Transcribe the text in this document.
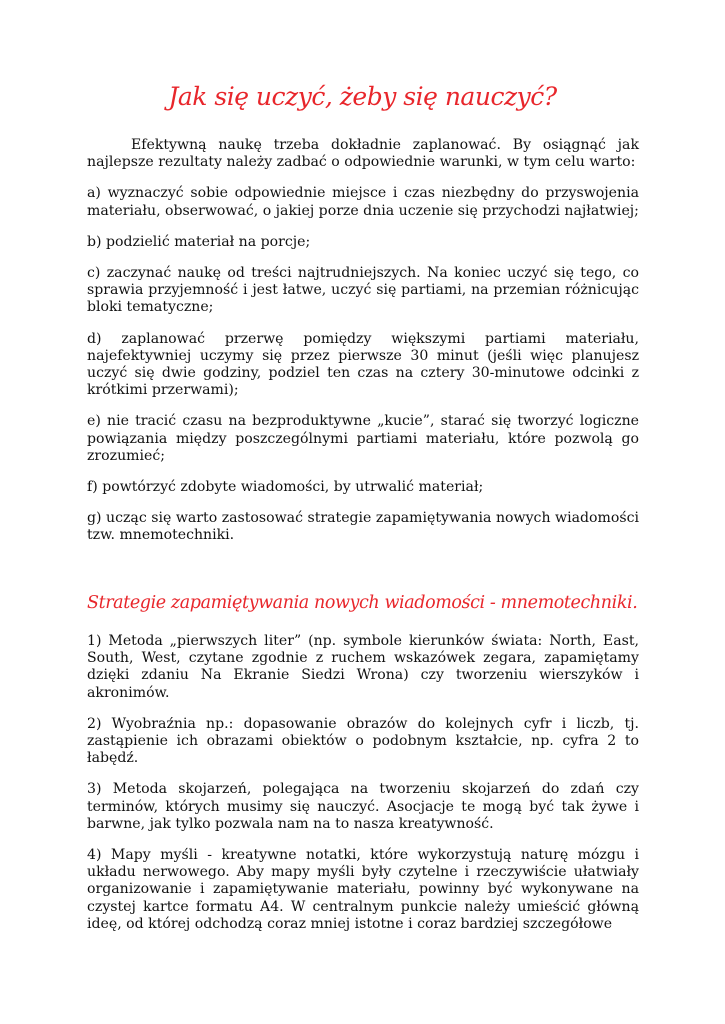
Jak się uczyć, żeby się nauczyć?

Efektywną naukę trzeba dokładnie zaplanować. By osiągnąć jak najlepsze rezultaty należy zadbać o odpowiednie warunki, w tym celu warto:

a) wyznaczyć sobie odpowiednie miejsce i czas niezbędny do przyswojenia materiału, obserwować, o jakiej porze dnia uczenie się przychodzi najłatwiej;

b) podzielić materiał na porcje;

c) zaczynać naukę od treści najtrudniejszych. Na koniec uczyć się tego, co sprawia przyjemność i jest łatwe, uczyć się partiami, na przemian różnicując bloki tematyczne;

d) zaplanować przerwę pomiędzy większymi partiami materiału, najefektywniej uczymy się przez pierwsze 30 minut (jeśli więc planujesz uczyć się dwie godziny, podziel ten czas na cztery 30-minutowe odcinki z krótkimi przerwami);

e) nie tracić czasu na bezproduktywne „kucie”, starać się tworzyć logiczne powiązania między poszczególnymi partiami materiału, które pozwolą go zrozumieć;

f) powtórzyć zdobyte wiadomości, by utrwalić materiał;

g) ucząc się warto zastosować strategie zapamiętywania nowych wiadomości tzw. mnemotechniki.

Strategie zapamiętywania nowych wiadomości - mnemotechniki.

1) Metoda „pierwszych liter” (np. symbole kierunków świata: North, East, South, West, czytane zgodnie z ruchem wskazówek zegara, zapamiętamy dzięki zdaniu Na Ekranie Siedzi Wrona) czy tworzeniu wierszyków i akronimów.

2) Wyobraźnia np.: dopasowanie obrazów do kolejnych cyfr i liczb, tj. zastąpienie ich obrazami obiektów o podobnym kształcie, np. cyfra 2 to łabędź.

3) Metoda skojarzeń, polegająca na tworzeniu skojarzeń do zdań czy terminów, których musimy się nauczyć. Asocjacje te mogą być tak żywe i barwne, jak tylko pozwala nam na to nasza kreatywność.

4) Mapy myśli - kreatywne notatki, które wykorzystują naturę mózgu i układu nerwowego. Aby mapy myśli były czytelne i rzeczywiście ułatwiały organizowanie i zapamiętywanie materiału, powinny być wykonywane na czystej kartce formatu A4. W centralnym punkcie należy umieścić główną ideę, od której odchodzą coraz mniej istotne i coraz bardziej szczegółowe
